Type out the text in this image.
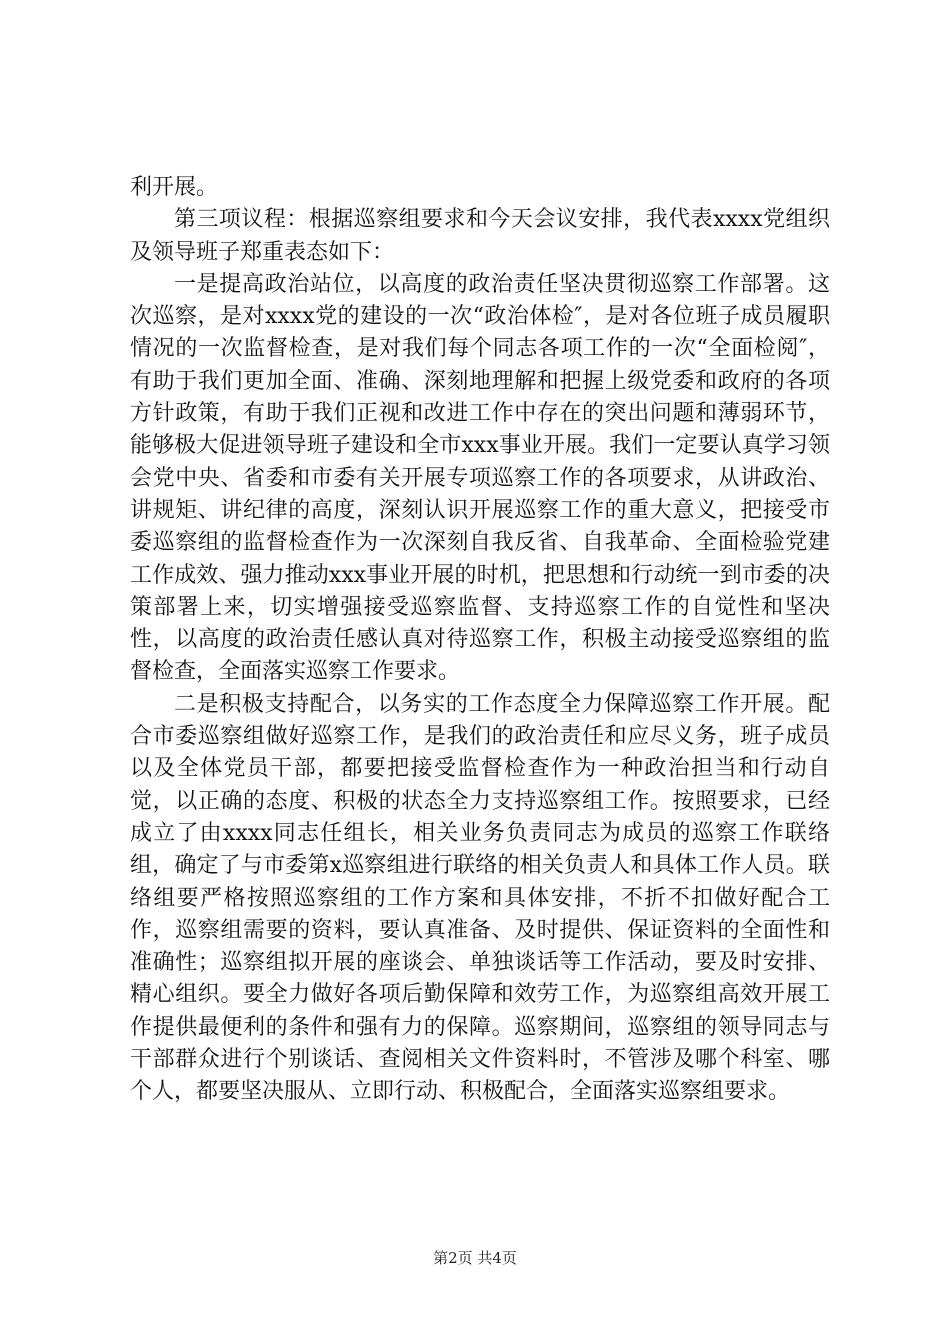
利开展。

第三项议程：根据巡察组要求和今天会议安排，我代表xxxx党组织及领导班子郑重表态如下：

一是提高政治站位，以高度的政治责任坚决贯彻巡察工作部署。这次巡察，是对xxxx党的建设的一次“政治体检″，是对各位班子成员履职情况的一次监督检查，是对我们每个同志各项工作的一次“全面检阅″，有助于我们更加全面、准确、深刻地理解和把握上级党委和政府的各项方针政策，有助于我们正视和改进工作中存在的突出问题和薄弱环节，能够极大促进领导班子建设和全市xxx事业开展。我们一定要认真学习领会党中央、省委和市委有关开展专项巡察工作的各项要求，从讲政治、讲规矩、讲纪律的高度，深刻认识开展巡察工作的重大意义，把接受市委巡察组的监督检查作为一次深刻自我反省、自我革命、全面检验党建工作成效、强力推动xxx事业开展的时机，把思想和行动统一到市委的决策部署上来，切实增强接受巡察监督、支持巡察工作的自觉性和坚决性，以高度的政治责任感认真对待巡察工作，积极主动接受巡察组的监督检查，全面落实巡察工作要求。

二是积极支持配合，以务实的工作态度全力保障巡察工作开展。配合市委巡察组做好巡察工作，是我们的政治责任和应尽义务，班子成员以及全体党员干部，都要把接受监督检查作为一种政治担当和行动自觉，以正确的态度、积极的状态全力支持巡察组工作。按照要求，已经成立了由xxxx同志任组长，相关业务负责同志为成员的巡察工作联络组，确定了与市委第x巡察组进行联络的相关负责人和具体工作人员。联络组要严格按照巡察组的工作方案和具体安排，不折不扣做好配合工作，巡察组需要的资料，要认真准备、及时提供、保证资料的全面性和准确性；巡察组拟开展的座谈会、单独谈话等工作活动，要及时安排、精心组织。要全力做好各项后勤保障和效劳工作，为巡察组高效开展工作提供最便利的条件和强有力的保障。巡察期间，巡察组的领导同志与干部群众进行个别谈话、查阅相关文件资料时，不管涉及哪个科室、哪个人，都要坚决服从、立即行动、积极配合，全面落实巡察组要求。

第2页 共4页
